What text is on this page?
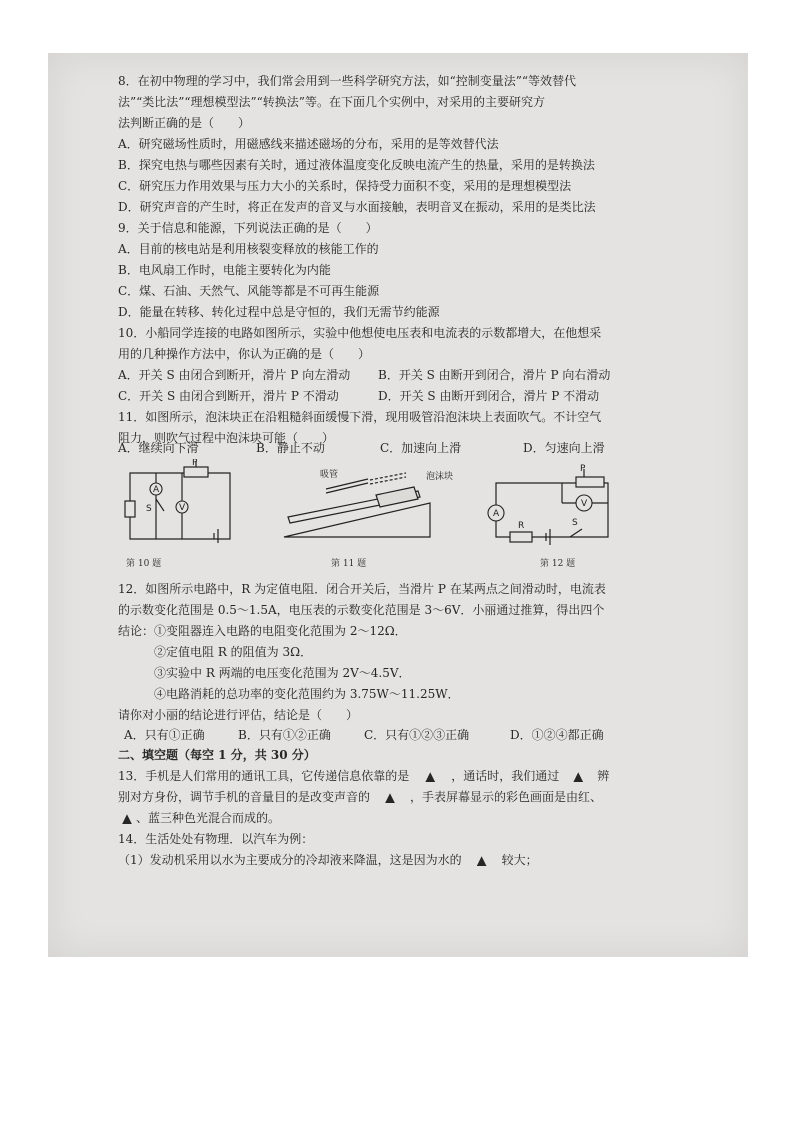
8．在初中物理的学习中，我们常会用到一些科学研究方法，如“控制变量法”“等效替代
法”“类比法”“理想模型法”“转换法”等。在下面几个实例中，对采用的主要研究方
法判断正确的是（　　）
A．研究磁场性质时，用磁感线来描述磁场的分布，采用的是等效替代法
B．探究电热与哪些因素有关时，通过液体温度变化反映电流产生的热量，采用的是转换法
C．研究压力作用效果与压力大小的关系时，保持受力面积不变，采用的是理想模型法
D．研究声音的产生时，将正在发声的音叉与水面接触，表明音叉在振动，采用的是类比法
9．关于信息和能源，下列说法正确的是（　　）
A．目前的核电站是利用核裂变释放的核能工作的
B．电风扇工作时，电能主要转化为内能
C．煤、石油、天然气、风能等都是不可再生能源
D．能量在转移、转化过程中总是守恒的，我们无需节约能源
10．小船同学连接的电路如图所示，实验中他想使电压表和电流表的示数都增大，在他想采
用的几种操作方法中，你认为正确的是（　　）
A．开关 S 由闭合到断开，滑片 P 向左滑动 B．开关 S 由断开到闭合，滑片 P 向右滑动
C．开关 S 由闭合到断开，滑片 P 不滑动	D．开关 S 由断开到闭合，滑片 P 不滑动
11．如图所示，泡沫块正在沿粗糙斜面缓慢下滑，现用吸管沿泡沫块上表面吹气。不计空气
阻力，则吹气过程中泡沫块可能（　　）
A．继续向下滑	B．静止不动	C．加速向上滑	D．匀速向上滑
P
A
S	V
第 10 题
吸管	泡沫块
第 11 题
P
V
A
R	S
第 12 题
12．如图所示电路中，R 为定值电阻．闭合开关后，当滑片 P 在某两点之间滑动时，电流表
的示数变化范围是 0.5～1.5A，电压表的示数变化范围是 3～6V．小丽通过推算，得出四个
结论：①变阻器连入电路的电阻变化范围为 2～12Ω．
②定值电阻 R 的阻值为 3Ω．
③实验中 R 两端的电压变化范围为 2V～4.5V．
④电路消耗的总功率的变化范围约为 3.75W～11.25W．
请你对小丽的结论进行评估，结论是（　　）
A．只有①正确	B．只有①②正确	C．只有①②③正确	D．①②④都正确
二、填空题（每空 1 分，共 30 分）
13．手机是人们常用的通讯工具，它传递信息依靠的是 ▲ ，通话时，我们通过 ▲ 辨
别对方身份，调节手机的音量目的是改变声音的 ▲ ，手表屏幕显示的彩色画面是由红、
▲ 、蓝三种色光混合而成的。
14．生活处处有物理．以汽车为例：
（1）发动机采用以水为主要成分的冷却液来降温，这是因为水的 ▲ 较大；
